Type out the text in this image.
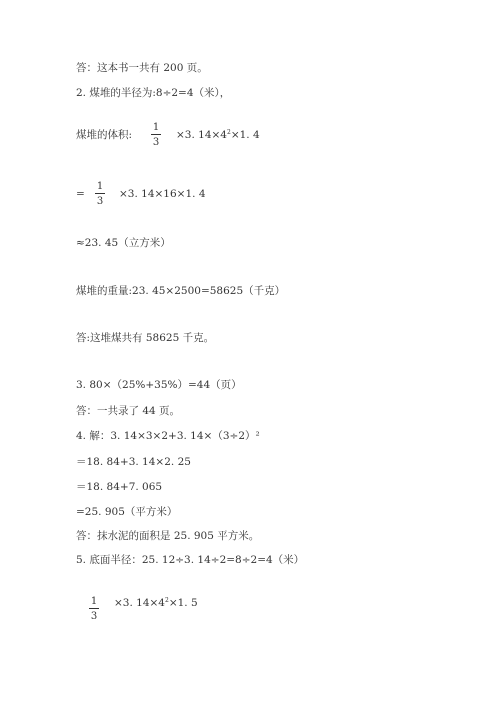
答：这本书一共有 200 页。
2. 煤堆的半径为:8÷2=4（米），
煤堆的体积:
1
3
×3. $14\times 4^2\times 1$. 4
=
1
3
×3. 14×16×1. 4
≈23. 45（立方米）
煤堆的重量:23. 45×2500=58625（千克）
答:这堆煤共有 58625 千克。
3. 80×（25%+35%）=44（页）
答：一共录了 44 页。
4. 解：3. 14×3×2+3. 14×（3÷2）²
＝18. 84+3. 14×2. 25
＝18. 84+7. 065
=25. 905（平方米）
答：抹水泥的面积是 25. 905 平方米。
5. 底面半径：25. 12÷3. 14÷2=8÷2=4（米）
1
3
×3. $14\times 4^2\times 1$. 5
